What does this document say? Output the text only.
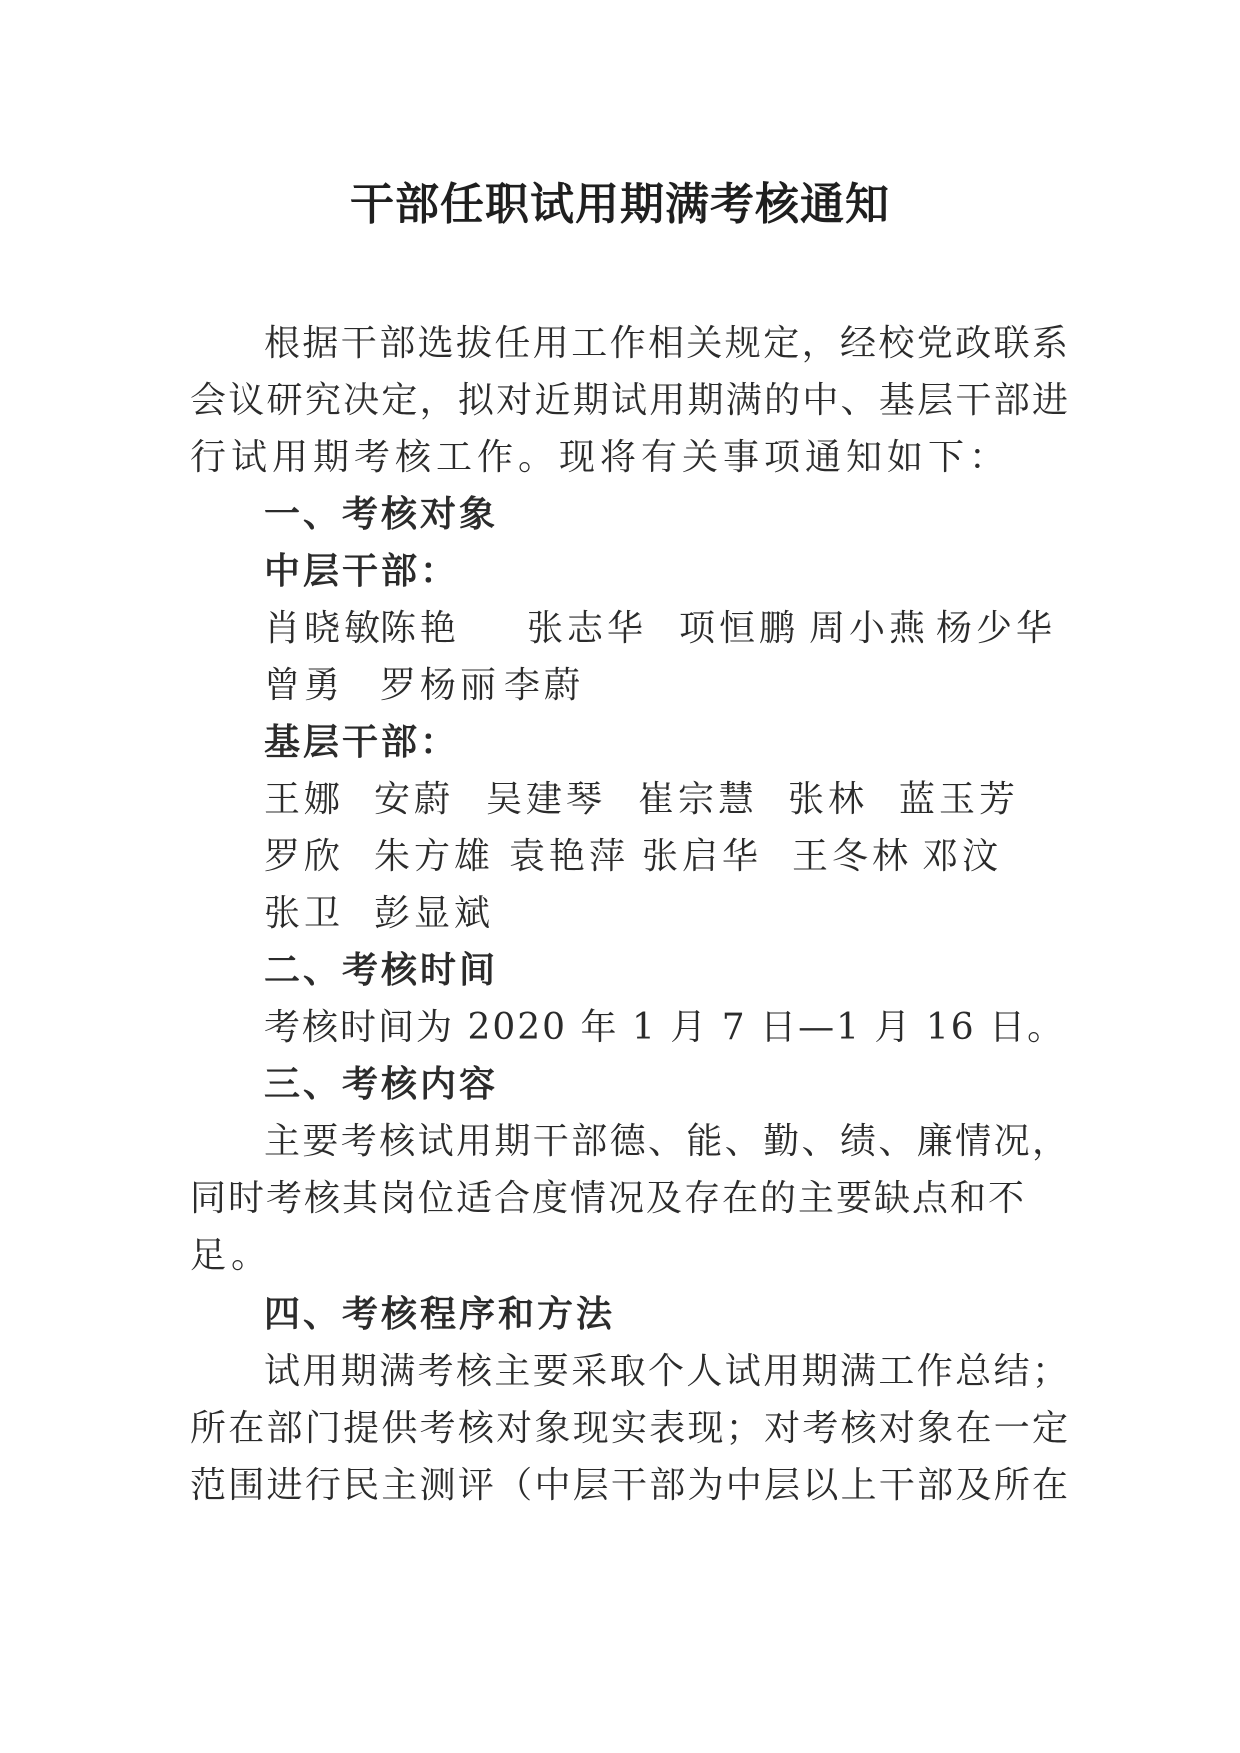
干部任职试用期满考核通知
根据干部选拔任用工作相关规定，经校党政联系
会议研究决定，拟对近期试用期满的中、基层干部进
行试用期考核工作。现将有关事项通知如下：
一、考核对象
中层干部：
肖晓敏
陈艳 张志华 项恒鹏 周小燕 杨少华
曾勇 罗杨丽 李蔚
基层干部：
王娜 安蔚 吴建琴 崔宗慧 张林 蓝玉芳
罗欣 朱方雄 袁艳萍 张启华 王冬林 邓汶
张卫 彭显斌
二、考核时间
考核时间为 2020 年 1 月 7 日—1 月 16 日。
三、考核内容
主要考核试用期干部德、能、勤、绩、廉情况，
同时考核其岗位适合度情况及存在的主要缺点和不
足。
四、考核程序和方法
试用期满考核主要采取个人试用期满工作总结；
所在部门提供考核对象现实表现；对考核对象在一定
范围进行民主测评（中层干部为中层以上干部及所在
